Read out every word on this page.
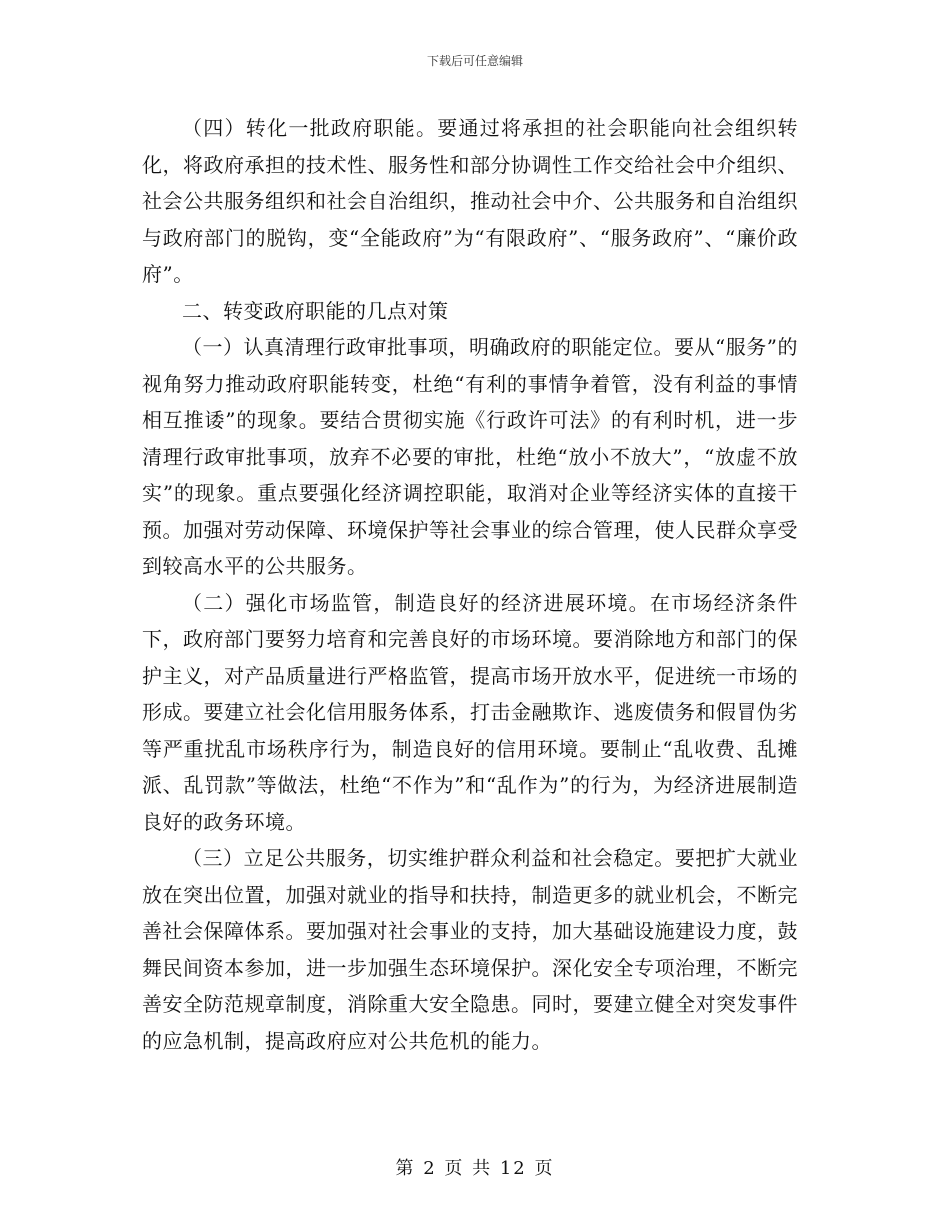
下载后可任意编辑

（四）转化一批政府职能。要通过将承担的社会职能向社会组织转化，将政府承担的技术性、服务性和部分协调性工作交给社会中介组织、社会公共服务组织和社会自治组织，推动社会中介、公共服务和自治组织与政府部门的脱钩，变“全能政府”为“有限政府”、“服务政府”、“廉价政府”。

二、转变政府职能的几点对策

（一）认真清理行政审批事项，明确政府的职能定位。要从“服务”的视角努力推动政府职能转变，杜绝“有利的事情争着管，没有利益的事情相互推诿”的现象。要结合贯彻实施《行政许可法》的有利时机，进一步清理行政审批事项，放弃不必要的审批，杜绝“放小不放大”，“放虚不放实”的现象。重点要强化经济调控职能，取消对企业等经济实体的直接干预。加强对劳动保障、环境保护等社会事业的综合管理，使人民群众享受到较高水平的公共服务。

（二）强化市场监管，制造良好的经济进展环境。在市场经济条件下，政府部门要努力培育和完善良好的市场环境。要消除地方和部门的保护主义，对产品质量进行严格监管，提高市场开放水平，促进统一市场的形成。要建立社会化信用服务体系，打击金融欺诈、逃废债务和假冒伪劣等严重扰乱市场秩序行为，制造良好的信用环境。要制止“乱收费、乱摊派、乱罚款”等做法，杜绝“不作为”和“乱作为”的行为，为经济进展制造良好的政务环境。

（三）立足公共服务，切实维护群众利益和社会稳定。要把扩大就业放在突出位置，加强对就业的指导和扶持，制造更多的就业机会，不断完善社会保障体系。要加强对社会事业的支持，加大基础设施建设力度，鼓舞民间资本参加，进一步加强生态环境保护。深化安全专项治理，不断完善安全防范规章制度，消除重大安全隐患。同时，要建立健全对突发事件的应急机制，提高政府应对公共危机的能力。

第 2 页 共 12 页
